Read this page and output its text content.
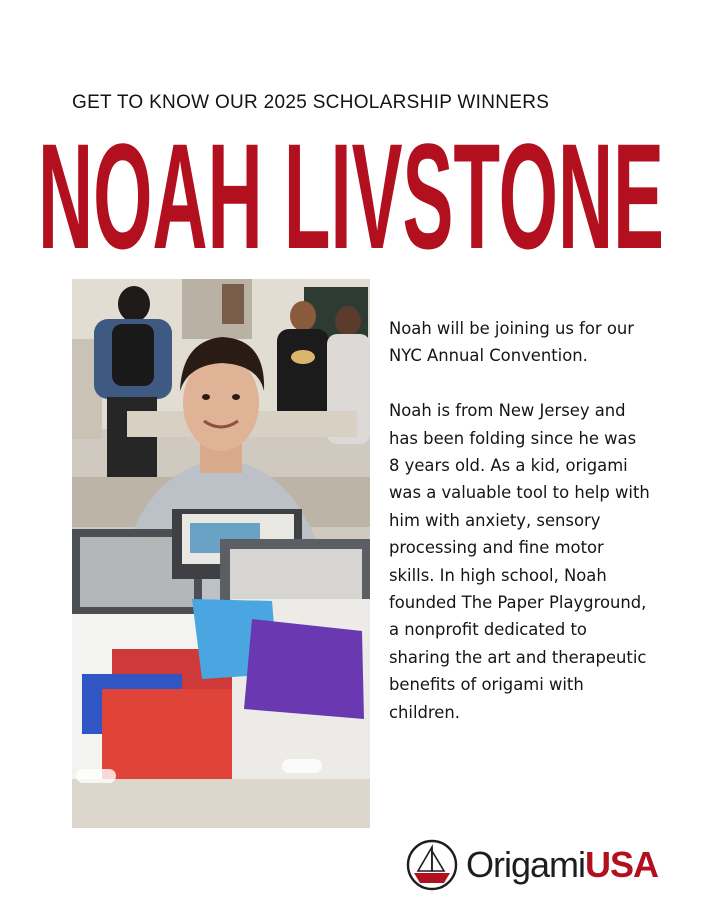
GET TO KNOW OUR 2025 SCHOLARSHIP WINNERS
NOAH LIVSTONE

Noah will be joining us for our NYC Annual Convention.

Noah is from New Jersey and has been folding since he was 8 years old. As a kid, origami was a valuable tool to help with him with anxiety, sensory processing and fine motor skills. In high school, Noah founded The Paper Playground, a nonprofit dedicated to sharing the art and therapeutic benefits of origami with children.

OrigamiUSA
